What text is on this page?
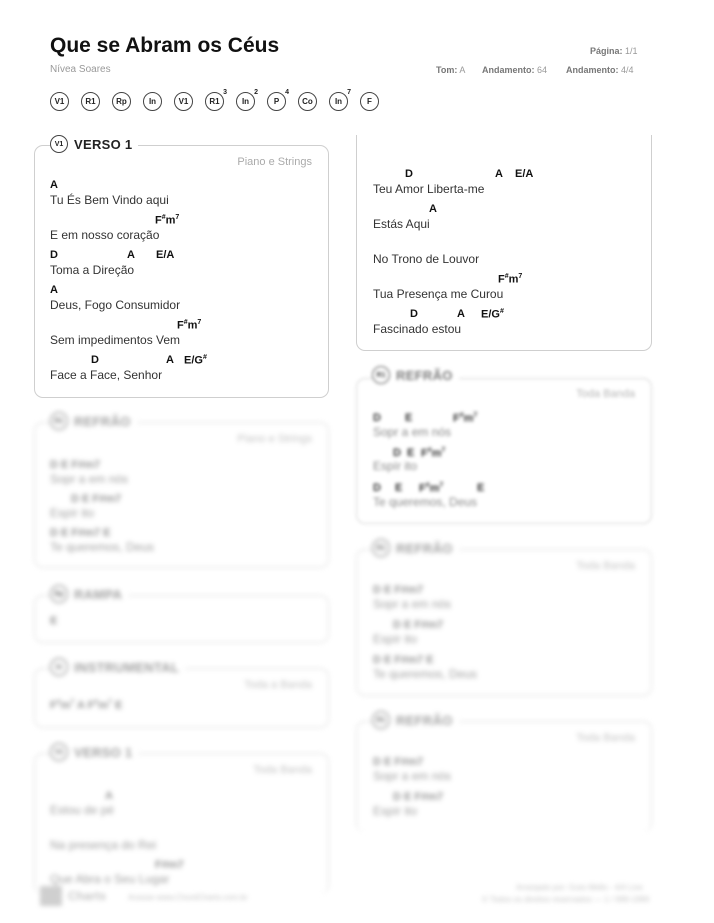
Que se Abram os Céus
Nívea Soares
Página: 1/1
Tom: A Andamento: 64 Andamento: 4/4
V1	R1	Rp	In	V1	R1
3
In
2
P
4
Co	In
7
F
Piano e Strings
A
Tu És Bem Vindo aqui
$F^{\#}m^7$
E em nosso coração
D	A E/A
Toma a Direção
A
Deus, Fogo Consumidor
$F^{\#}m^7$
Sem impedimentos Vem
D	A E/G#
Face a Face, Senhor
V1 VERSO 1
D	A E/A
Teu Amor Liberta-me
A
Estás Aqui
No Trono de Louvor
$F^{\#}m^7$
Tua Presença me Curou
D	A E/G#
Fascinado estou
Toda Banda
D E	$F^{\#}m^7$
Sopr a em nós
D E $F^{\#}m^7$
Espír ito
D E $F^{\#}m^7$	E
Te queremos, Deus
R1 REFRÃO
Piano e Strings
D E F#m7
Sopr a em nós
D E F#m7
Espír ito
D E F#m7 E
Te queremos, Deus
R1 REFRÃO
E
Rp RAMPA
Toda a Banda
$F^{\#}m^7$ A $F^{\#}m^7$ E
In INSTRUMENTAL
Toda Banda
A
Estou de pé
Na presença do Rei
F#m7
Que Abra o Seu Lugar
V1 VERSO 1
Toda Banda
D E F#m7
Sopr a em nós
D E F#m7
Espír ito
D E F#m7 E
Te queremos, Deus
R1 REFRÃO
Toda Banda
D E F#m7
Sopr a em nós
D E F#m7
Espír ito
R1 REFRÃO
Charts	Acesse www.ChordCharts.com.br
Arranjado por: Guto Mello - 4/4 Live
© Todos os direitos reservados — 1 / 999-1999
